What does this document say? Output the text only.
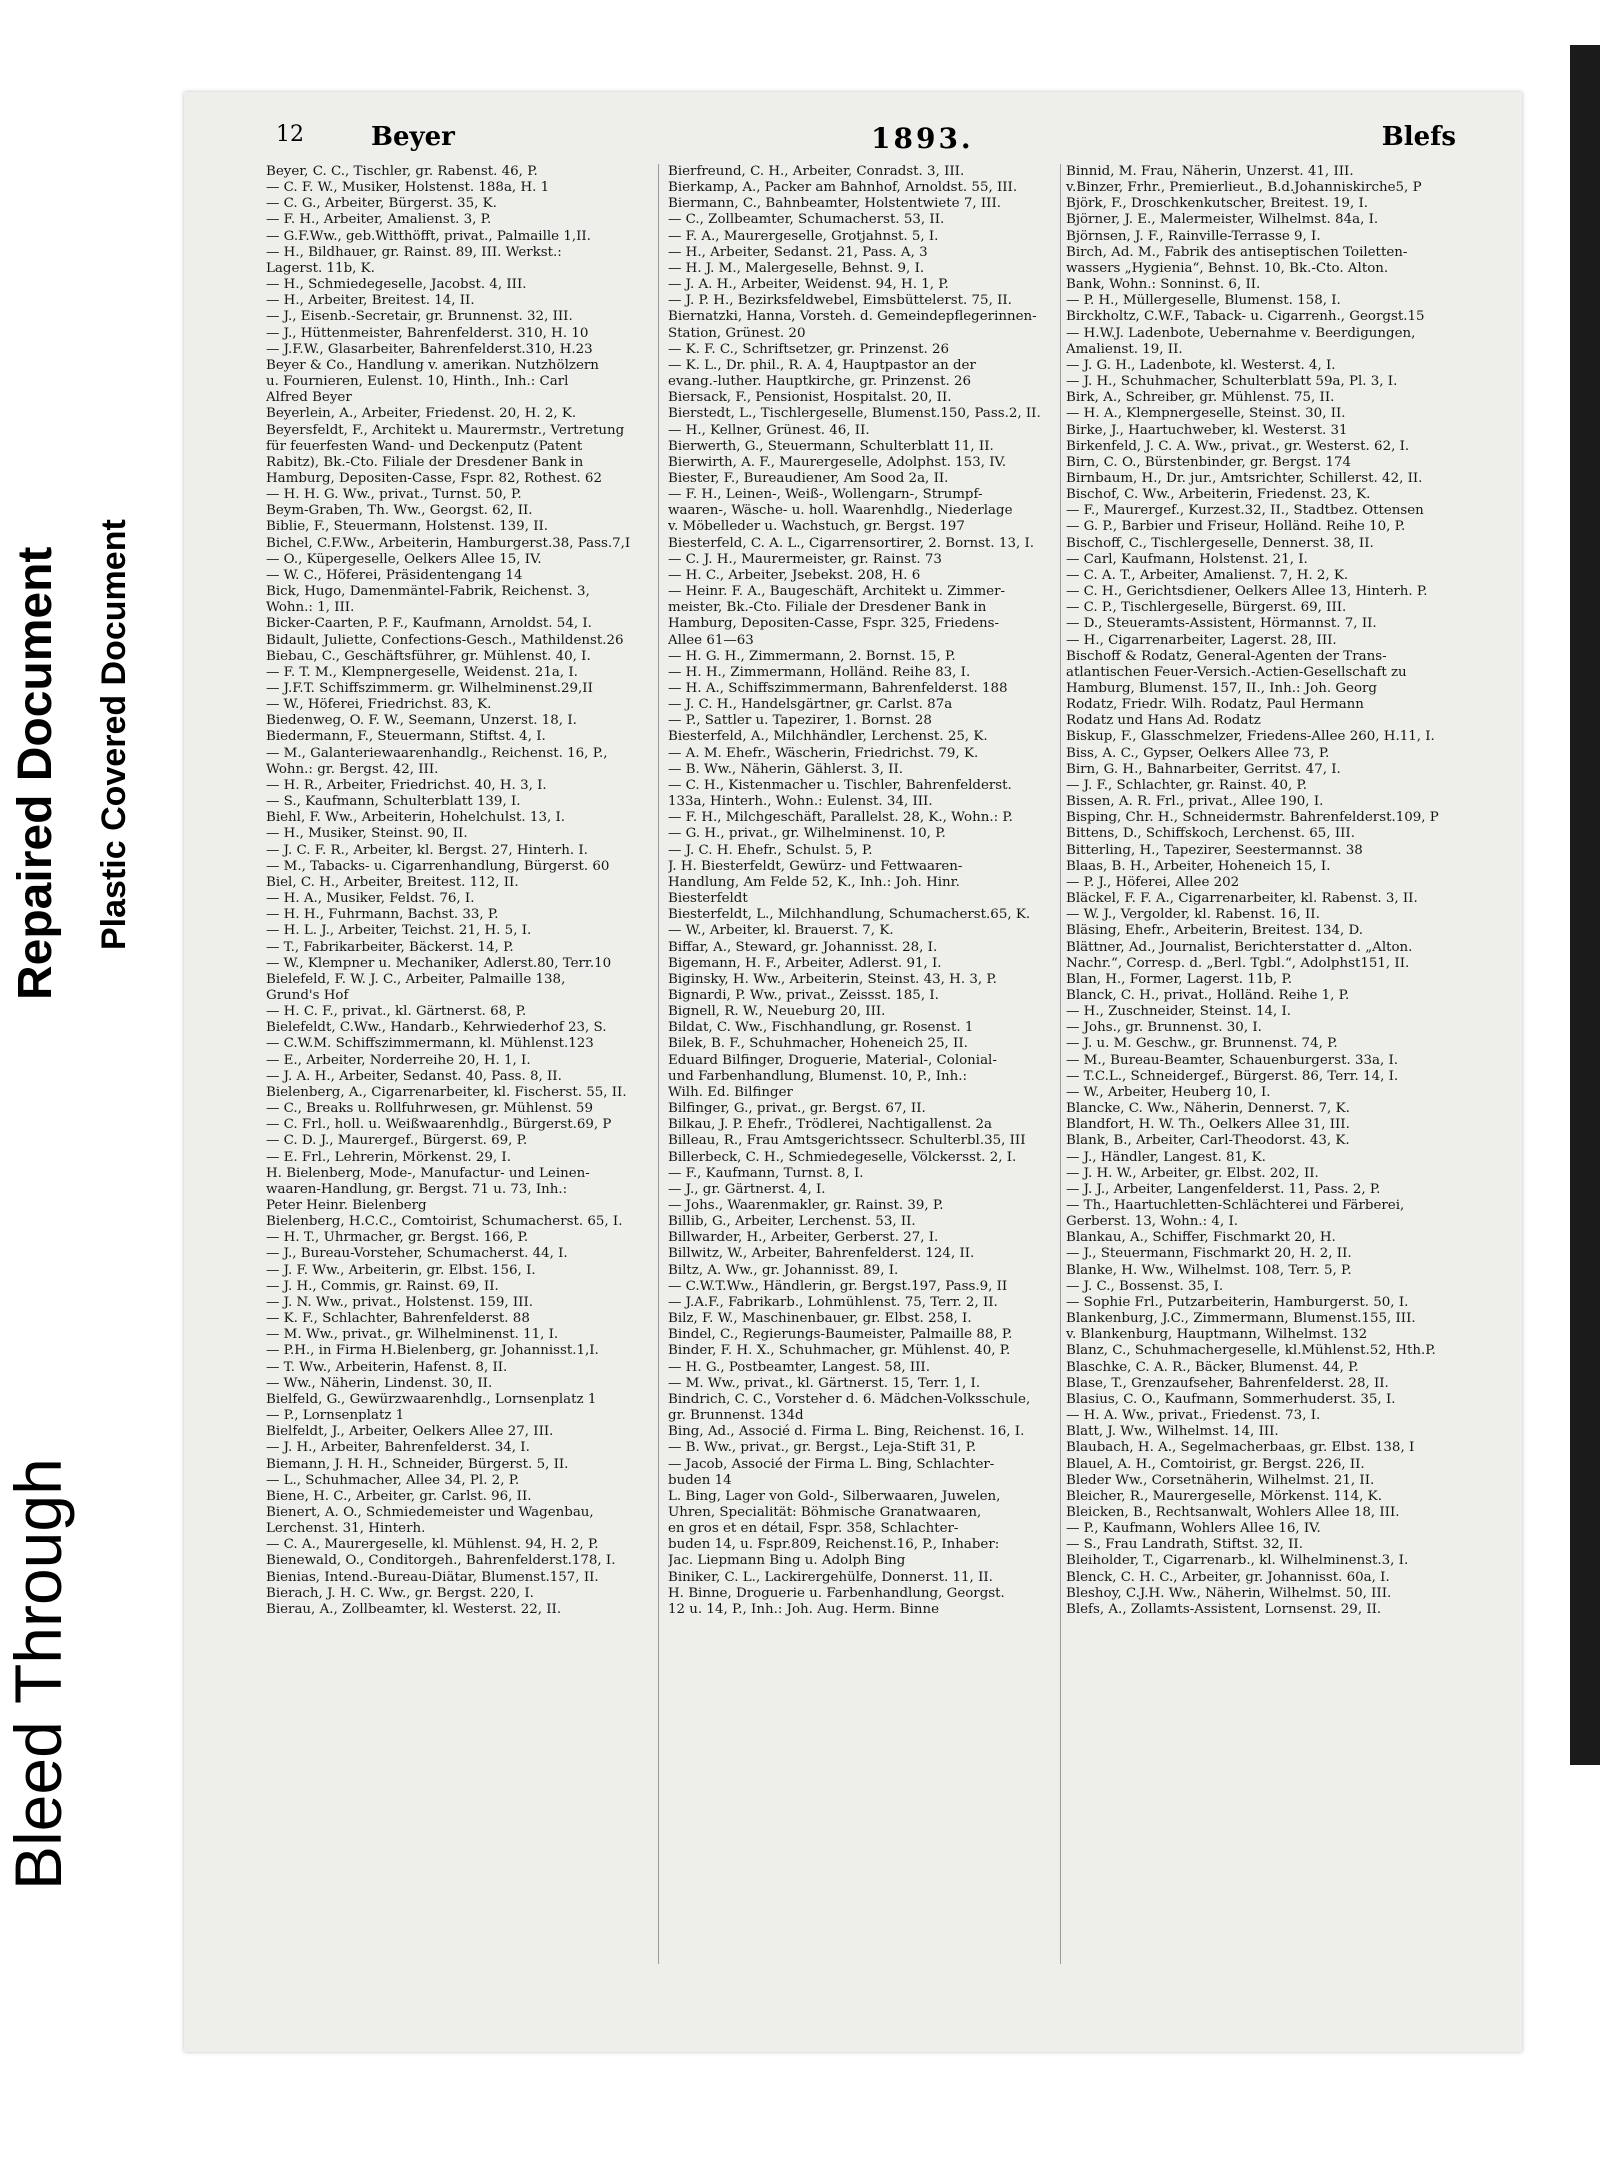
Bleed Through
Repaired Document Plastic Covered Document
12	Beyer	1893.	Blefs
Beyer, C. C., Tischler, gr. Rabenst. 46, P.
— C. F. W., Musiker, Holstenst. 188a, H. 1
— C. G., Arbeiter, Bürgerst. 35, K.
— F. H., Arbeiter, Amalienst. 3, P.
— G.F.Ww., geb.Witthöfft, privat., Palmaille 1,II.
— H., Bildhauer, gr. Rainst. 89, III. Werkst.:
Lagerst. 11b, K.
— H., Schmiedegeselle, Jacobst. 4, III.
— H., Arbeiter, Breitest. 14, II.
— J., Eisenb.-Secretair, gr. Brunnenst. 32, III.
— J., Hüttenmeister, Bahrenfelderst. 310, H. 10
— J.F.W., Glasarbeiter, Bahrenfelderst.310, H.23
Beyer & Co., Handlung v. amerikan. Nutzhölzern
u. Fournieren, Eulenst. 10, Hinth., Inh.: Carl
Alfred Beyer
Beyerlein, A., Arbeiter, Friedenst. 20, H. 2, K.
Beyersfeldt, F., Architekt u. Maurermstr., Vertretung
für feuerfesten Wand- und Deckenputz (Patent
Rabitz), Bk.-Cto. Filiale der Dresdener Bank in
Hamburg, Depositen-Casse, Fspr. 82, Rothest. 62
— H. H. G. Ww., privat., Turnst. 50, P.
Beym-Graben, Th. Ww., Georgst. 62, II.
Biblie, F., Steuermann, Holstenst. 139, II.
Bichel, C.F.Ww., Arbeiterin, Hamburgerst.38, Pass.7,I
— O., Küpergeselle, Oelkers Allee 15, IV.
— W. C., Höferei, Präsidentengang 14
Bick, Hugo, Damenmäntel-Fabrik, Reichenst. 3,
Wohn.: 1, III.
Bicker-Caarten, P. F., Kaufmann, Arnoldst. 54, I.
Bidault, Juliette, Confections-Gesch., Mathildenst.26
Biebau, C., Geschäftsführer, gr. Mühlenst. 40, I.
— F. T. M., Klempnergeselle, Weidenst. 21a, I.
— J.F.T. Schiffszimmerm. gr. Wilhelminenst.29,II
— W., Höferei, Friedrichst. 83, K.
Biedenweg, O. F. W., Seemann, Unzerst. 18, I.
Biedermann, F., Steuermann, Stiftst. 4, I.
— M., Galanteriewaarenhandlg., Reichenst. 16, P.,
Wohn.: gr. Bergst. 42, III.
— H. R., Arbeiter, Friedrichst. 40, H. 3, I.
— S., Kaufmann, Schulterblatt 139, I.
Biehl, F. Ww., Arbeiterin, Hohelchulst. 13, I.
— H., Musiker, Steinst. 90, II.
— J. C. F. R., Arbeiter, kl. Bergst. 27, Hinterh. I.
— M., Tabacks- u. Cigarrenhandlung, Bürgerst. 60
Biel, C. H., Arbeiter, Breitest. 112, II.
— H. A., Musiker, Feldst. 76, I.
— H. H., Fuhrmann, Bachst. 33, P.
— H. L. J., Arbeiter, Teichst. 21, H. 5, I.
— T., Fabrikarbeiter, Bäckerst. 14, P.
— W., Klempner u. Mechaniker, Adlerst.80, Terr.10
Bielefeld, F. W. J. C., Arbeiter, Palmaille 138,
Grund's Hof
— H. C. F., privat., kl. Gärtnerst. 68, P.
Bielefeldt, C.Ww., Handarb., Kehrwiederhof 23, S.
— C.W.M. Schiffszimmermann, kl. Mühlenst.123
— E., Arbeiter, Norderreihe 20, H. 1, I.
— J. A. H., Arbeiter, Sedanst. 40, Pass. 8, II.
Bielenberg, A., Cigarrenarbeiter, kl. Fischerst. 55, II.
— C., Breaks u. Rollfuhrwesen, gr. Mühlenst. 59
— C. Frl., holl. u. Weißwaarenhdlg., Bürgerst.69, P
— C. D. J., Maurergef., Bürgerst. 69, P.
— E. Frl., Lehrerin, Mörkenst. 29, I.
H. Bielenberg, Mode-, Manufactur- und Leinen-
waaren-Handlung, gr. Bergst. 71 u. 73, Inh.:
Peter Heinr. Bielenberg
Bielenberg, H.C.C., Comtoirist, Schumacherst. 65, I.
— H. T., Uhrmacher, gr. Bergst. 166, P.
— J., Bureau-Vorsteher, Schumacherst. 44, I.
— J. F. Ww., Arbeiterin, gr. Elbst. 156, I.
— J. H., Commis, gr. Rainst. 69, II.
— J. N. Ww., privat., Holstenst. 159, III.
— K. F., Schlachter, Bahrenfelderst. 88
— M. Ww., privat., gr. Wilhelminenst. 11, I.
— P.H., in Firma H.Bielenberg, gr. Johannisst.1,I.
— T. Ww., Arbeiterin, Hafenst. 8, II.
— Ww., Näherin, Lindenst. 30, II.
Bielfeld, G., Gewürzwaarenhdlg., Lornsenplatz 1
— P., Lornsenplatz 1
Bielfeldt, J., Arbeiter, Oelkers Allee 27, III.
— J. H., Arbeiter, Bahrenfelderst. 34, I.
Biemann, J. H. H., Schneider, Bürgerst. 5, II.
— L., Schuhmacher, Allee 34, Pl. 2, P.
Biene, H. C., Arbeiter, gr. Carlst. 96, II.
Bienert, A. O., Schmiedemeister und Wagenbau,
Lerchenst. 31, Hinterh.
— C. A., Maurergeselle, kl. Mühlenst. 94, H. 2, P.
Bienewald, O., Conditorgeh., Bahrenfelderst.178, I.
Bienias, Intend.-Bureau-Diätar, Blumenst.157, II.
Bierach, J. H. C. Ww., gr. Bergst. 220, I.
Bierau, A., Zollbeamter, kl. Westerst. 22, II.
Bierfreund, C. H., Arbeiter, Conradst. 3, III.
Bierkamp, A., Packer am Bahnhof, Arnoldst. 55, III.
Biermann, C., Bahnbeamter, Holstentwiete 7, III.
— C., Zollbeamter, Schumacherst. 53, II.
— F. A., Maurergeselle, Grotjahnst. 5, I.
— H., Arbeiter, Sedanst. 21, Pass. A, 3
— H. J. M., Malergeselle, Behnst. 9, I.
— J. A. H., Arbeiter, Weidenst. 94, H. 1, P.
— J. P. H., Bezirksfeldwebel, Eimsbüttelerst. 75, II.
Biernatzki, Hanna, Vorsteh. d. Gemeindepflegerinnen-
Station, Grünest. 20
— K. F. C., Schriftsetzer, gr. Prinzenst. 26
— K. L., Dr. phil., R. A. 4, Hauptpastor an der
evang.-luther. Hauptkirche, gr. Prinzenst. 26
Biersack, F., Pensionist, Hospitalst. 20, II.
Bierstedt, L., Tischlergeselle, Blumenst.150, Pass.2, II.
— H., Kellner, Grünest. 46, II.
Bierwerth, G., Steuermann, Schulterblatt 11, II.
Bierwirth, A. F., Maurergeselle, Adolphst. 153, IV.
Biester, F., Bureaudiener, Am Sood 2a, II.
— F. H., Leinen-, Weiß-, Wollengarn-, Strumpf-
waaren-, Wäsche- u. holl. Waarenhdlg., Niederlage
v. Möbelleder u. Wachstuch, gr. Bergst. 197
Biesterfeld, C. A. L., Cigarrensortirer, 2. Bornst. 13, I.
— C. J. H., Maurermeister, gr. Rainst. 73
— H. C., Arbeiter, Jsebekst. 208, H. 6
— Heinr. F. A., Baugeschäft, Architekt u. Zimmer-
meister, Bk.-Cto. Filiale der Dresdener Bank in
Hamburg, Depositen-Casse, Fspr. 325, Friedens-
Allee 61—63
— H. G. H., Zimmermann, 2. Bornst. 15, P.
— H. H., Zimmermann, Holländ. Reihe 83, I.
— H. A., Schiffszimmermann, Bahrenfelderst. 188
— J. C. H., Handelsgärtner, gr. Carlst. 87a
— P., Sattler u. Tapezirer, 1. Bornst. 28
Biesterfeld, A., Milchhändler, Lerchenst. 25, K.
— A. M. Ehefr., Wäscherin, Friedrichst. 79, K.
— B. Ww., Näherin, Gählerst. 3, II.
— C. H., Kistenmacher u. Tischler, Bahrenfelderst.
133a, Hinterh., Wohn.: Eulenst. 34, III.
— F. H., Milchgeschäft, Parallelst. 28, K., Wohn.: P.
— G. H., privat., gr. Wilhelminenst. 10, P.
— J. C. H. Ehefr., Schulst. 5, P.
J. H. Biesterfeldt, Gewürz- und Fettwaaren-
Handlung, Am Felde 52, K., Inh.: Joh. Hinr.
Biesterfeldt
Biesterfeldt, L., Milchhandlung, Schumacherst.65, K.
— W., Arbeiter, kl. Brauerst. 7, K.
Biffar, A., Steward, gr. Johannisst. 28, I.
Bigemann, H. F., Arbeiter, Adlerst. 91, I.
Biginsky, H. Ww., Arbeiterin, Steinst. 43, H. 3, P.
Bignardi, P. Ww., privat., Zeissst. 185, I.
Bignell, R. W., Neueburg 20, III.
Bildat, C. Ww., Fischhandlung, gr. Rosenst. 1
Bilek, B. F., Schuhmacher, Hoheneich 25, II.
Eduard Bilfinger, Droguerie, Material-, Colonial-
und Farbenhandlung, Blumenst. 10, P., Inh.:
Wilh. Ed. Bilfinger
Bilfinger, G., privat., gr. Bergst. 67, II.
Bilkau, J. P. Ehefr., Trödlerei, Nachtigallenst. 2a
Billeau, R., Frau Amtsgerichtssecr. Schulterbl.35, III
Billerbeck, C. H., Schmiedegeselle, Völckersst. 2, I.
— F., Kaufmann, Turnst. 8, I.
— J., gr. Gärtnerst. 4, I.
— Johs., Waarenmakler, gr. Rainst. 39, P.
Billib, G., Arbeiter, Lerchenst. 53, II.
Billwarder, H., Arbeiter, Gerberst. 27, I.
Billwitz, W., Arbeiter, Bahrenfelderst. 124, II.
Biltz, A. Ww., gr. Johannisst. 89, I.
— C.W.T.Ww., Händlerin, gr. Bergst.197, Pass.9, II
— J.A.F., Fabrikarb., Lohmühlenst. 75, Terr. 2, II.
Bilz, F. W., Maschinenbauer, gr. Elbst. 258, I.
Bindel, C., Regierungs-Baumeister, Palmaille 88, P.
Binder, F. H. X., Schuhmacher, gr. Mühlenst. 40, P.
— H. G., Postbeamter, Langest. 58, III.
— M. Ww., privat., kl. Gärtnerst. 15, Terr. 1, I.
Bindrich, C. C., Vorsteher d. 6. Mädchen-Volksschule,
gr. Brunnenst. 134d
Bing, Ad., Associé d. Firma L. Bing, Reichenst. 16, I.
— B. Ww., privat., gr. Bergst., Leja-Stift 31, P.
— Jacob, Associé der Firma L. Bing, Schlachter-
buden 14
L. Bing, Lager von Gold-, Silberwaaren, Juwelen,
Uhren, Specialität: Böhmische Granatwaaren,
en gros et en détail, Fspr. 358, Schlachter-
buden 14, u. Fspr.809, Reichenst.16, P., Inhaber:
Jac. Liepmann Bing u. Adolph Bing
Biniker, C. L., Lackirergehülfe, Donnerst. 11, II.
H. Binne, Droguerie u. Farbenhandlung, Georgst.
12 u. 14, P., Inh.: Joh. Aug. Herm. Binne
Binnid, M. Frau, Näherin, Unzerst. 41, III.
v.Binzer, Frhr., Premierlieut., B.d.Johanniskirche5, P
Björk, F., Droschkenkutscher, Breitest. 19, I.
Björner, J. E., Malermeister, Wilhelmst. 84a, I.
Björnsen, J. F., Rainville-Terrasse 9, I.
Birch, Ad. M., Fabrik des antiseptischen Toiletten-
wassers „Hygienia“, Behnst. 10, Bk.-Cto. Alton.
Bank, Wohn.: Sonninst. 6, II.
— P. H., Müllergeselle, Blumenst. 158, I.
Birckholtz, C.W.F., Taback- u. Cigarrenh., Georgst.15
— H.W.J. Ladenbote, Uebernahme v. Beerdigungen,
Amalienst. 19, II.
— J. G. H., Ladenbote, kl. Westerst. 4, I.
— J. H., Schuhmacher, Schulterblatt 59a, Pl. 3, I.
Birk, A., Schreiber, gr. Mühlenst. 75, II.
— H. A., Klempnergeselle, Steinst. 30, II.
Birke, J., Haartuchweber, kl. Westerst. 31
Birkenfeld, J. C. A. Ww., privat., gr. Westerst. 62, I.
Birn, C. O., Bürstenbinder, gr. Bergst. 174
Birnbaum, H., Dr. jur., Amtsrichter, Schillerst. 42, II.
Bischof, C. Ww., Arbeiterin, Friedenst. 23, K.
— F., Maurergef., Kurzest.32, II., Stadtbez. Ottensen
— G. P., Barbier und Friseur, Holländ. Reihe 10, P.
Bischoff, C., Tischlergeselle, Dennerst. 38, II.
— Carl, Kaufmann, Holstenst. 21, I.
— C. A. T., Arbeiter, Amalienst. 7, H. 2, K.
— C. H., Gerichtsdiener, Oelkers Allee 13, Hinterh. P.
— C. P., Tischlergeselle, Bürgerst. 69, III.
— D., Steueramts-Assistent, Hörmannst. 7, II.
— H., Cigarrenarbeiter, Lagerst. 28, III.
Bischoff & Rodatz, General-Agenten der Trans-
atlantischen Feuer-Versich.-Actien-Gesellschaft zu
Hamburg, Blumenst. 157, II., Inh.: Joh. Georg
Rodatz, Friedr. Wilh. Rodatz, Paul Hermann
Rodatz und Hans Ad. Rodatz
Biskup, F., Glasschmelzer, Friedens-Allee 260, H.11, I.
Biss, A. C., Gypser, Oelkers Allee 73, P.
Birn, G. H., Bahnarbeiter, Gerritst. 47, I.
— J. F., Schlachter, gr. Rainst. 40, P.
Bissen, A. R. Frl., privat., Allee 190, I.
Bisping, Chr. H., Schneidermstr. Bahrenfelderst.109, P
Bittens, D., Schiffskoch, Lerchenst. 65, III.
Bitterling, H., Tapezirer, Seestermannst. 38
Blaas, B. H., Arbeiter, Hoheneich 15, I.
— P. J., Höferei, Allee 202
Bläckel, F. F. A., Cigarrenarbeiter, kl. Rabenst. 3, II.
— W. J., Vergolder, kl. Rabenst. 16, II.
Bläsing, Ehefr., Arbeiterin, Breitest. 134, D.
Blättner, Ad., Journalist, Berichterstatter d. „Alton.
Nachr.“, Corresp. d. „Berl. Tgbl.“, Adolphst151, II.
Blan, H., Former, Lagerst. 11b, P.
Blanck, C. H., privat., Holländ. Reihe 1, P.
— H., Zuschneider, Steinst. 14, I.
— Johs., gr. Brunnenst. 30, I.
— J. u. M. Geschw., gr. Brunnenst. 74, P.
— M., Bureau-Beamter, Schauenburgerst. 33a, I.
— T.C.L., Schneidergef., Bürgerst. 86, Terr. 14, I.
— W., Arbeiter, Heuberg 10, I.
Blancke, C. Ww., Näherin, Dennerst. 7, K.
Blandfort, H. W. Th., Oelkers Allee 31, III.
Blank, B., Arbeiter, Carl-Theodorst. 43, K.
— J., Händler, Langest. 81, K.
— J. H. W., Arbeiter, gr. Elbst. 202, II.
— J. J., Arbeiter, Langenfelderst. 11, Pass. 2, P.
— Th., Haartuchletten-Schlächterei und Färberei,
Gerberst. 13, Wohn.: 4, I.
Blankau, A., Schiffer, Fischmarkt 20, H.
— J., Steuermann, Fischmarkt 20, H. 2, II.
Blanke, H. Ww., Wilhelmst. 108, Terr. 5, P.
— J. C., Bossenst. 35, I.
— Sophie Frl., Putzarbeiterin, Hamburgerst. 50, I.
Blankenburg, J.C., Zimmermann, Blumenst.155, III.
v. Blankenburg, Hauptmann, Wilhelmst. 132
Blanz, C., Schuhmachergeselle, kl.Mühlenst.52, Hth.P.
Blaschke, C. A. R., Bäcker, Blumenst. 44, P.
Blase, T., Grenzaufseher, Bahrenfelderst. 28, II.
Blasius, C. O., Kaufmann, Sommerhuderst. 35, I.
— H. A. Ww., privat., Friedenst. 73, I.
Blatt, J. Ww., Wilhelmst. 14, III.
Blaubach, H. A., Segelmacherbaas, gr. Elbst. 138, I
Blauel, A. H., Comtoirist, gr. Bergst. 226, II.
Bleder Ww., Corsetnäherin, Wilhelmst. 21, II.
Bleicher, R., Maurergeselle, Mörkenst. 114, K.
Bleicken, B., Rechtsanwalt, Wohlers Allee 18, III.
— P., Kaufmann, Wohlers Allee 16, IV.
— S., Frau Landrath, Stiftst. 32, II.
Bleiholder, T., Cigarrenarb., kl. Wilhelminenst.3, I.
Blenck, C. H. C., Arbeiter, gr. Johannisst. 60a, I.
Bleshoy, C.J.H. Ww., Näherin, Wilhelmst. 50, III.
Blefs, A., Zollamts-Assistent, Lornsenst. 29, II.
